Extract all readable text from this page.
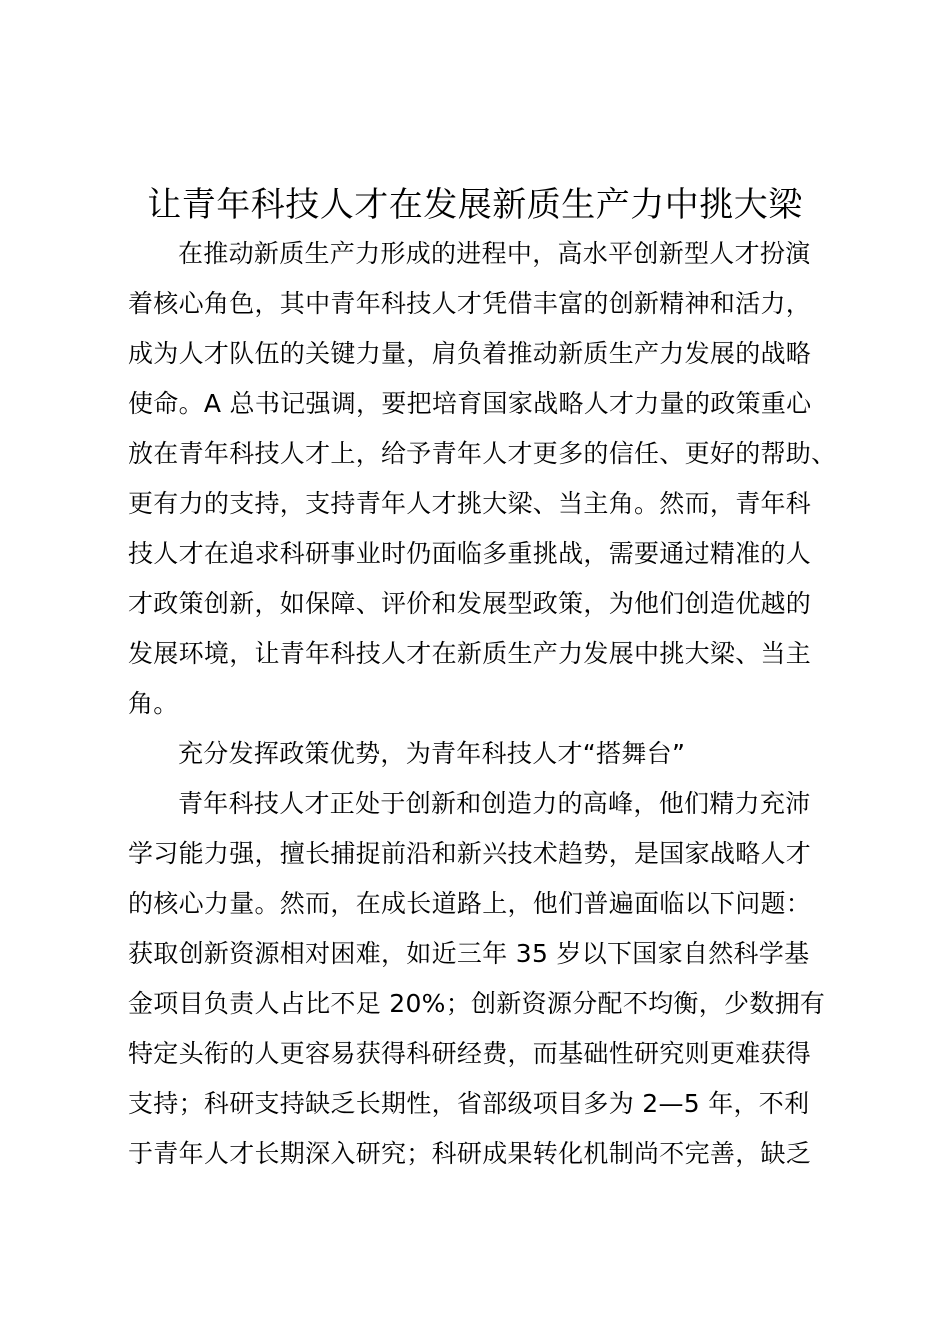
让青年科技人才在发展新质生产力中挑大梁
在推动新质生产力形成的进程中，高水平创新型人才扮演
着核心角色，其中青年科技人才凭借丰富的创新精神和活力，
成为人才队伍的关键力量，肩负着推动新质生产力发展的战略
使命。A 总书记强调，要把培育国家战略人才力量的政策重心
放在青年科技人才上，给予青年人才更多的信任、更好的帮助、
更有力的支持，支持青年人才挑大梁、当主角。然而，青年科
技人才在追求科研事业时仍面临多重挑战，需要通过精准的人
才政策创新，如保障、评价和发展型政策，为他们创造优越的
发展环境，让青年科技人才在新质生产力发展中挑大梁、当主
角。
充分发挥政策优势，为青年科技人才“搭舞台”
青年科技人才正处于创新和创造力的高峰，他们精力充沛
学习能力强，擅长捕捉前沿和新兴技术趋势，是国家战略人才
的核心力量。然而，在成长道路上，他们普遍面临以下问题：
获取创新资源相对困难，如近三年 35 岁以下国家自然科学基
金项目负责人占比不足 20%；创新资源分配不均衡，少数拥有
特定头衔的人更容易获得科研经费，而基础性研究则更难获得
支持；科研支持缺乏长期性，省部级项目多为 2—5 年，不利
于青年人才长期深入研究；科研成果转化机制尚不完善，缺乏
